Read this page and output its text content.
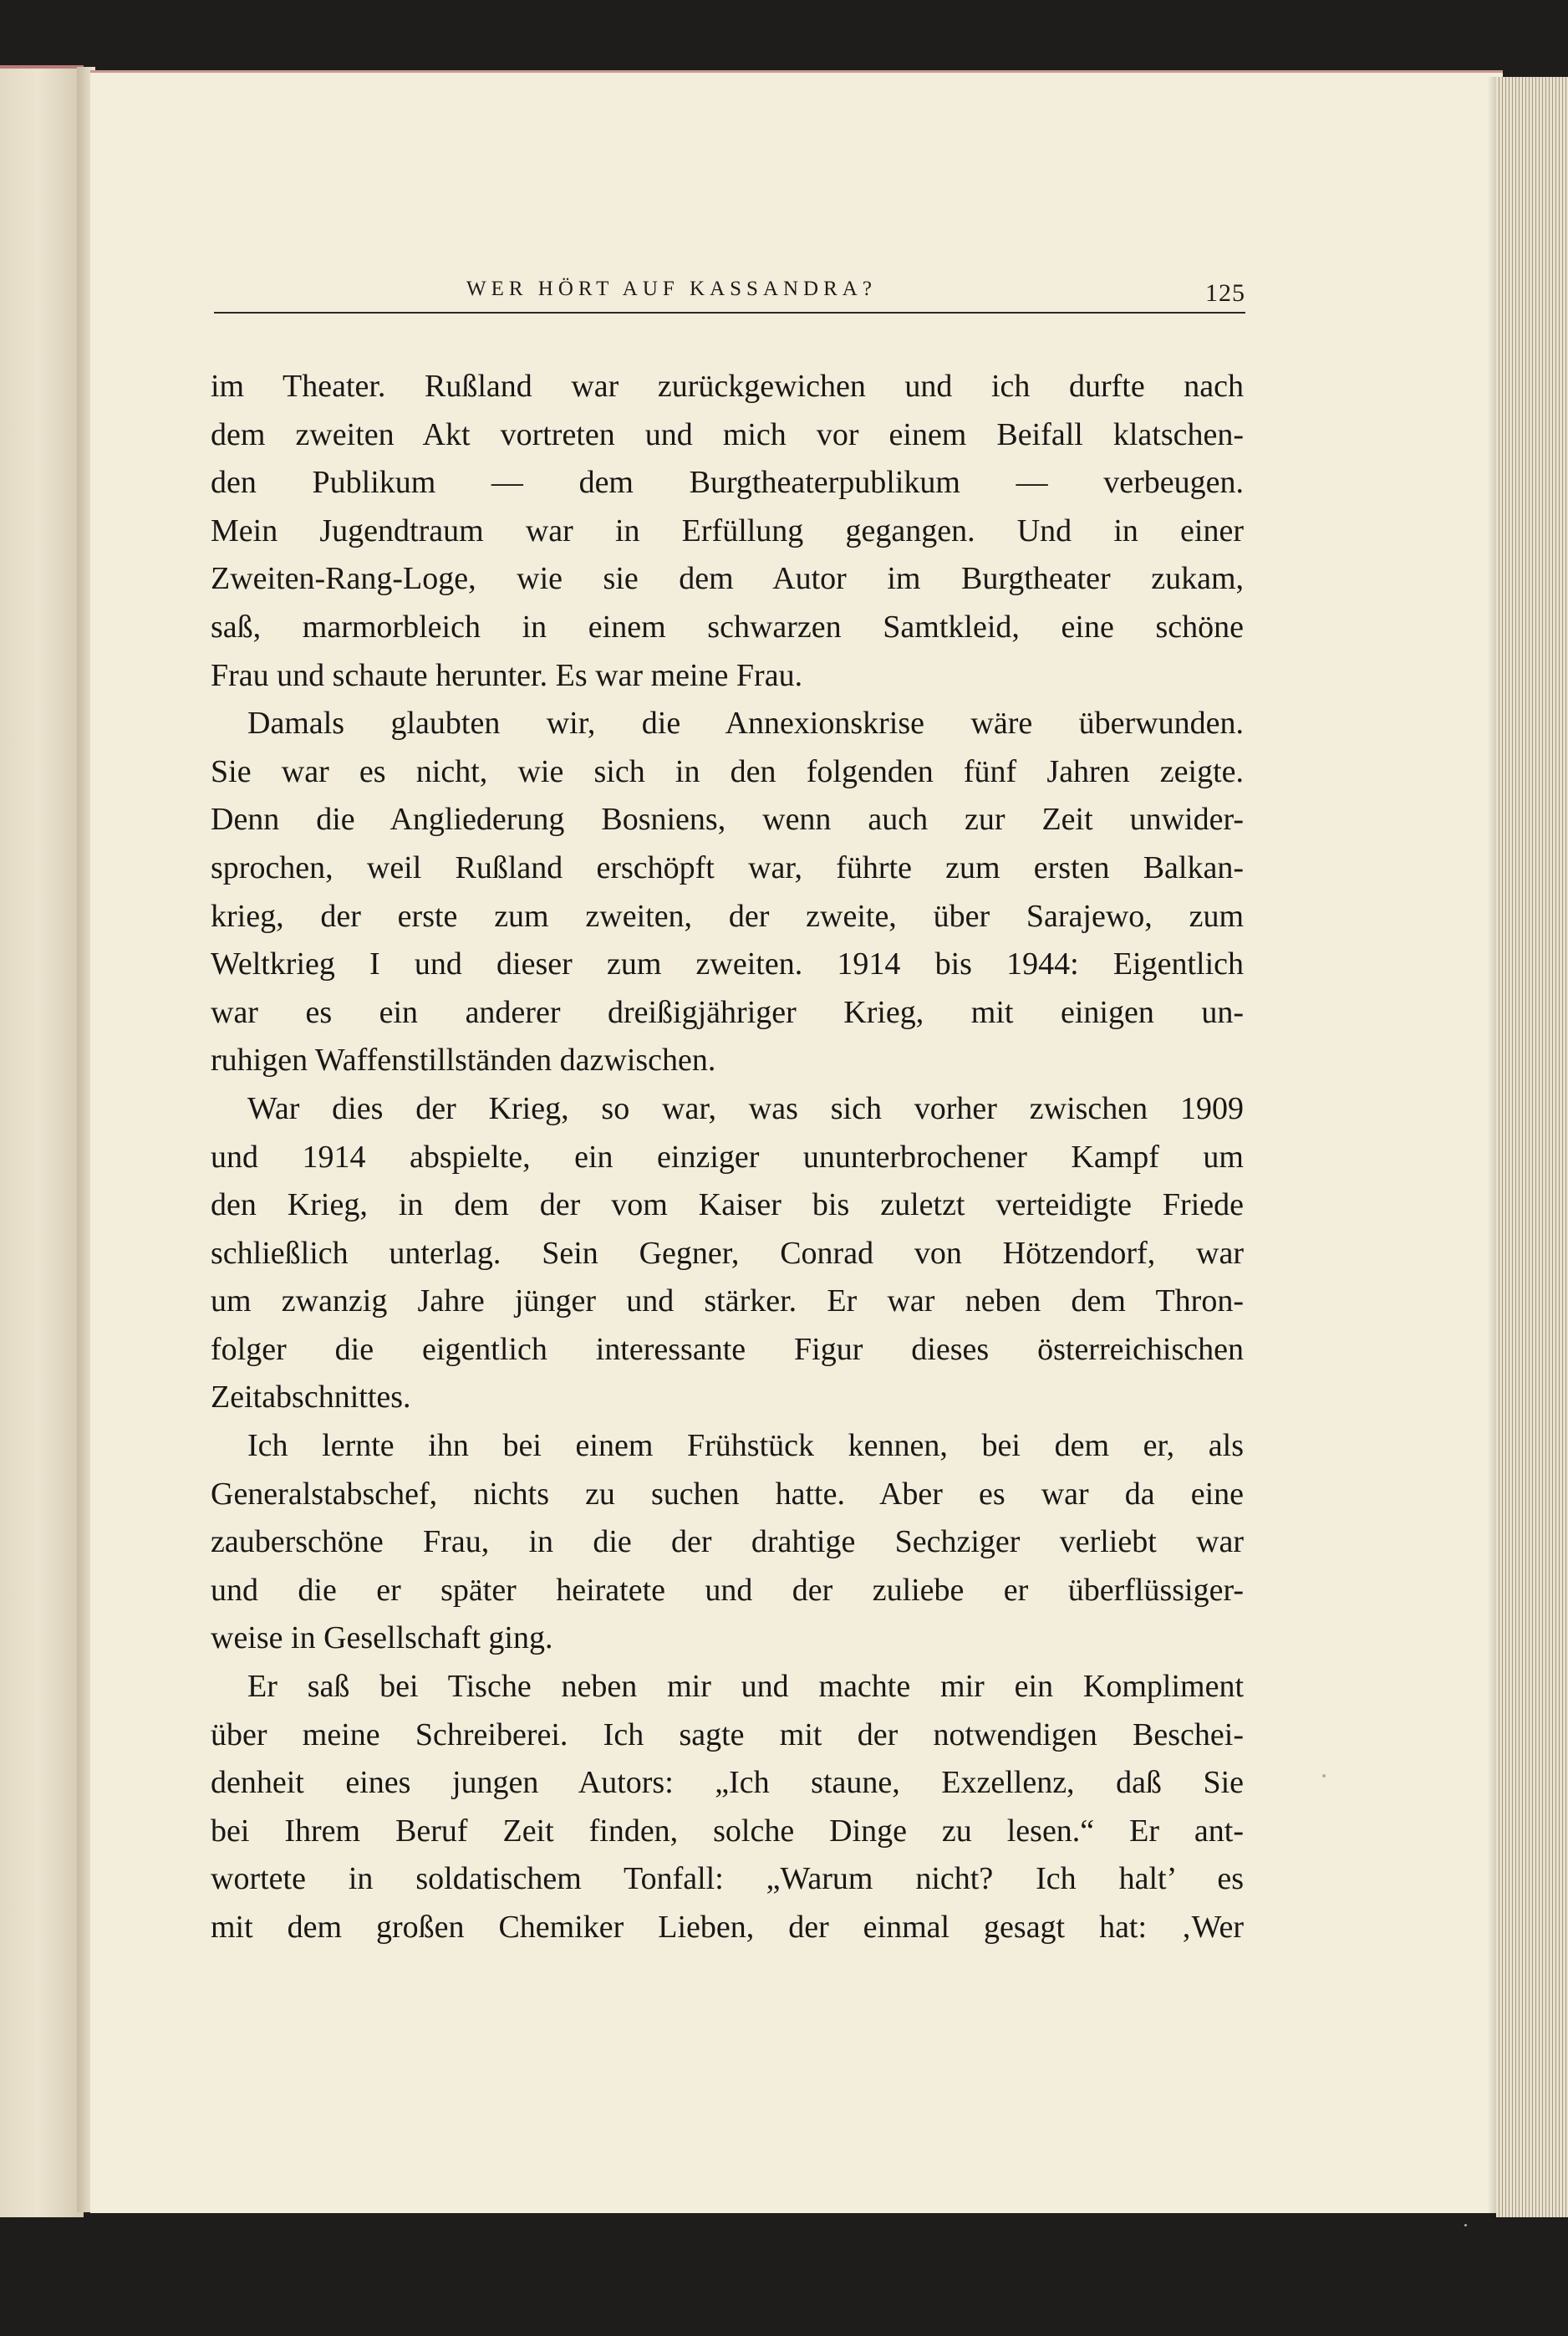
WER HÖRT AUF KASSANDRA?	125
im Theater. Rußland war zurückgewichen und ich durfte nach
dem zweiten Akt vortreten und mich vor einem Beifall klatschen-
den Publikum — dem Burgtheaterpublikum — verbeugen.
Mein Jugendtraum war in Erfüllung gegangen. Und in einer
Zweiten-Rang-Loge, wie sie dem Autor im Burgtheater zukam,
saß, marmorbleich in einem schwarzen Samtkleid, eine schöne
Frau und schaute herunter. Es war meine Frau.
Damals glaubten wir, die Annexionskrise wäre überwunden.
Sie war es nicht, wie sich in den folgenden fünf Jahren zeigte.
Denn die Angliederung Bosniens, wenn auch zur Zeit unwider-
sprochen, weil Rußland erschöpft war, führte zum ersten Balkan-
krieg, der erste zum zweiten, der zweite, über Sarajewo, zum
Weltkrieg I und dieser zum zweiten. 1914 bis 1944: Eigentlich
war es ein anderer dreißigjähriger Krieg, mit einigen un-
ruhigen Waffenstillständen dazwischen.
War dies der Krieg, so war, was sich vorher zwischen 1909
und 1914 abspielte, ein einziger ununterbrochener Kampf um
den Krieg, in dem der vom Kaiser bis zuletzt verteidigte Friede
schließlich unterlag. Sein Gegner, Conrad von Hötzendorf, war
um zwanzig Jahre jünger und stärker. Er war neben dem Thron-
folger die eigentlich interessante Figur dieses österreichischen
Zeitabschnittes.
Ich lernte ihn bei einem Frühstück kennen, bei dem er, als
Generalstabschef, nichts zu suchen hatte. Aber es war da eine
zauberschöne Frau, in die der drahtige Sechziger verliebt war
und die er später heiratete und der zuliebe er überflüssiger-
weise in Gesellschaft ging.
Er saß bei Tische neben mir und machte mir ein Kompliment
über meine Schreiberei. Ich sagte mit der notwendigen Beschei-
denheit eines jungen Autors: „Ich staune, Exzellenz, daß Sie
bei Ihrem Beruf Zeit finden, solche Dinge zu lesen.“ Er ant-
wortete in soldatischem Tonfall: „Warum nicht? Ich halt’ es
mit dem großen Chemiker Lieben, der einmal gesagt hat: ‚Wer
